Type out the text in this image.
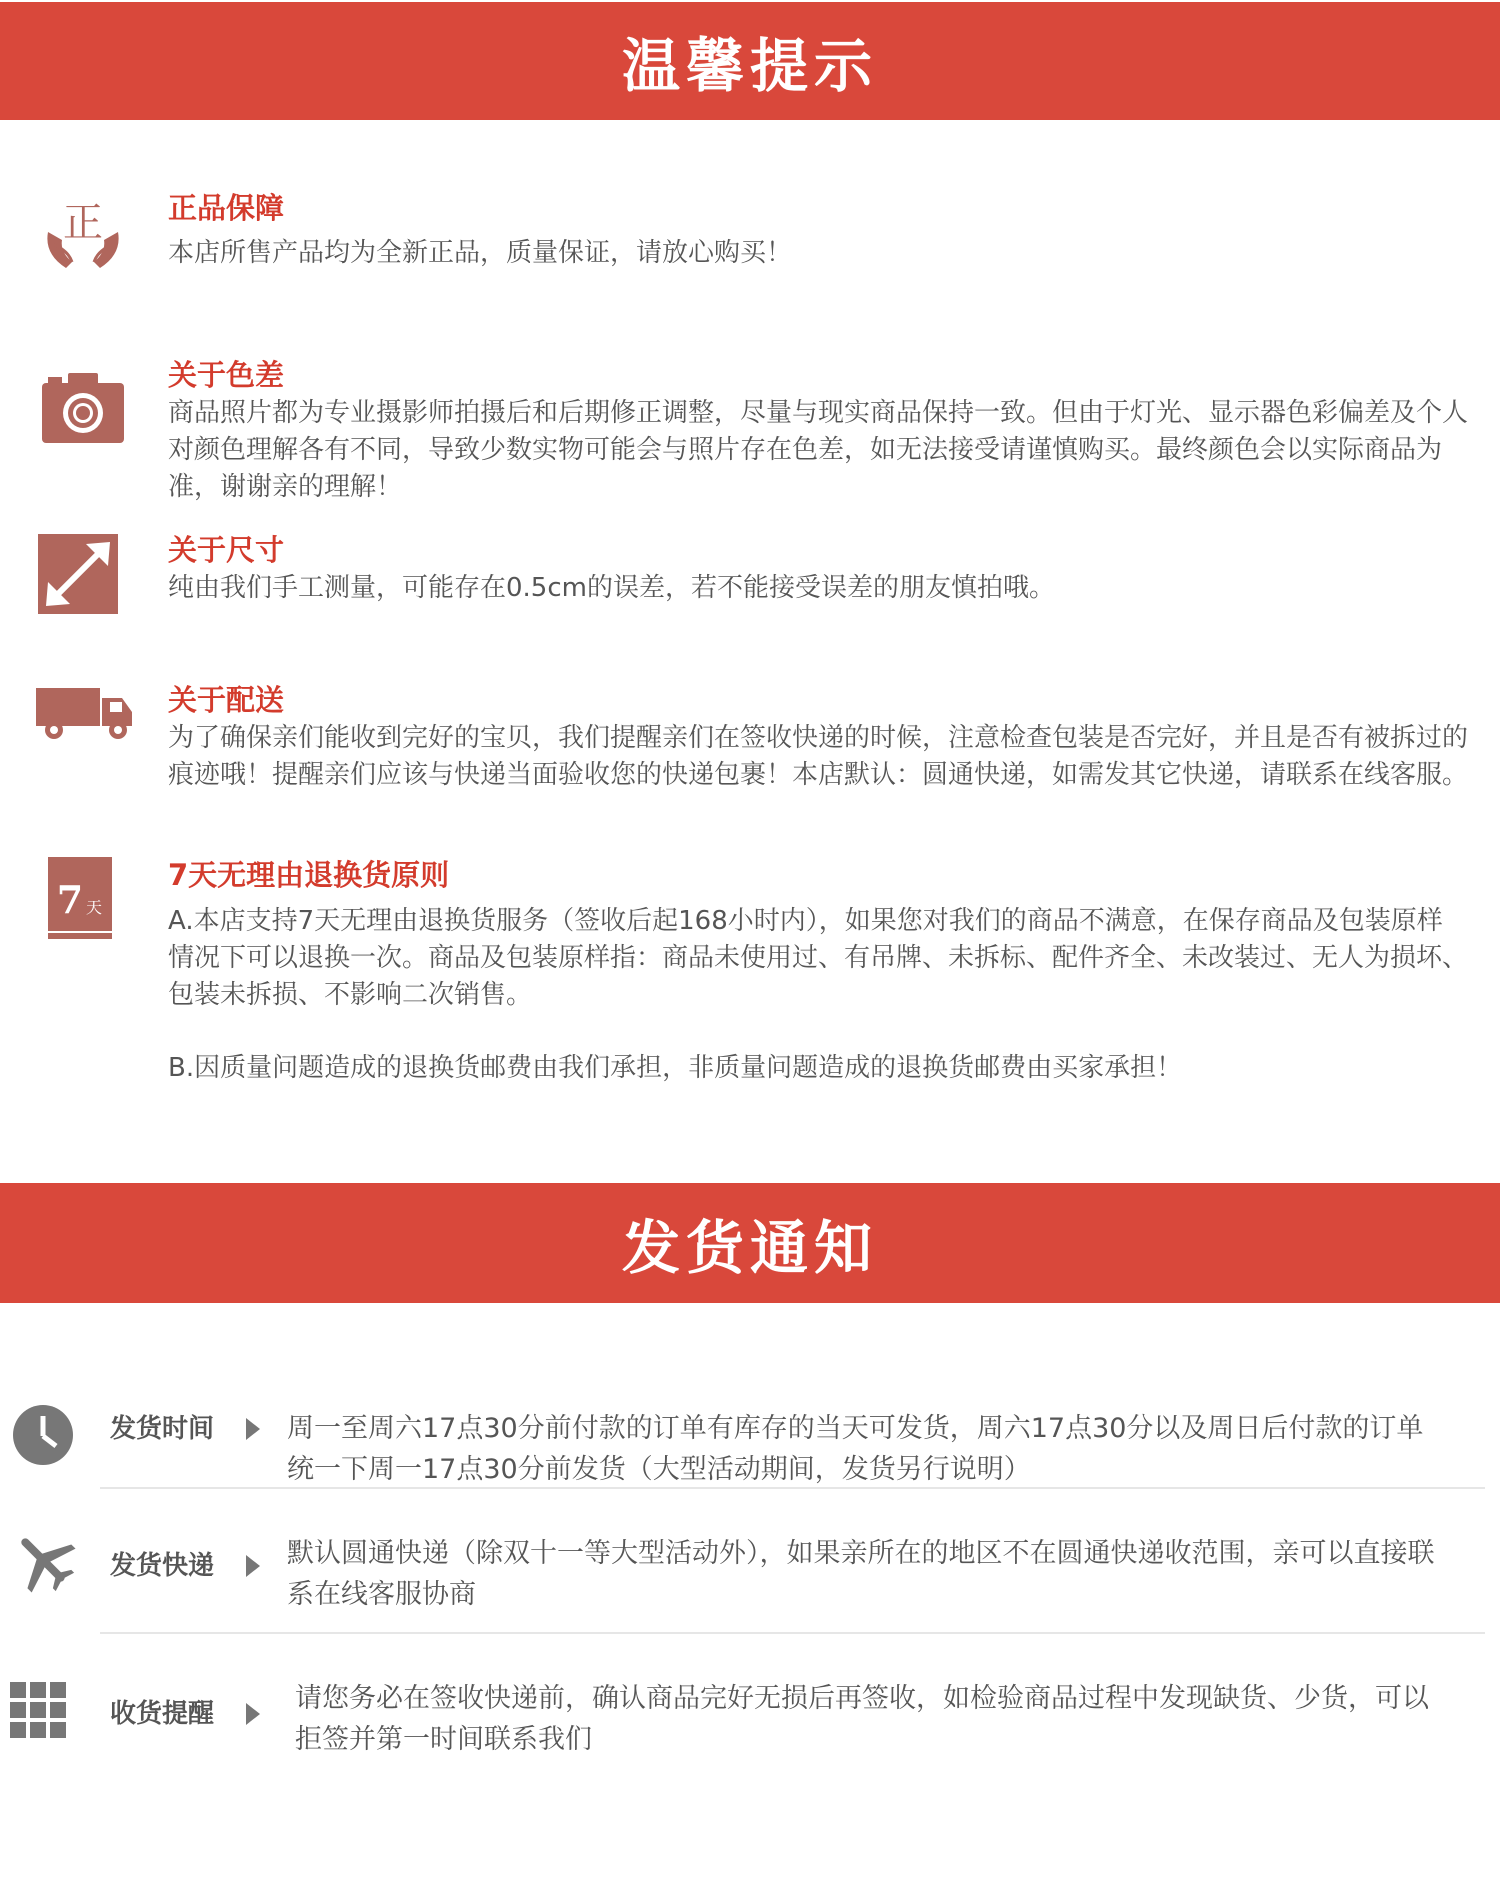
温馨提示
正 正品保障

本店所售产品均为全新正品，质量保证，请放心购买！

关于色差

商品照片都为专业摄影师拍摄后和后期修正调整，尽量与现实商品保持一致。但由于灯光、显示器色彩偏差及个人对颜色理解各有不同，导致少数实物可能会与照片存在色差，如无法接受请谨慎购买。最终颜色会以实际商品为准，谢谢亲的理解！

关于尺寸

纯由我们手工测量，可能存在0.5cm的误差，若不能接受误差的朋友慎拍哦。

关于配送

为了确保亲们能收到完好的宝贝，我们提醒亲们在签收快递的时候，注意检查包装是否完好，并且是否有被拆过的痕迹哦！提醒亲们应该与快递当面验收您的快递包裹！本店默认：圆通快递，如需发其它快递，请联系在线客服。

7 天
7天无理由退换货原则

A.本店支持7天无理由退换货服务（签收后起168小时内），如果您对我们的商品不满意，在保存商品及包装原样情况下可以退换一次。商品及包装原样指：商品未使用过、有吊牌、未拆标、配件齐全、未改装过、无人为损坏、包装未拆损、不影响二次销售。

B.因质量问题造成的退换货邮费由我们承担，非质量问题造成的退换货邮费由买家承担！

发货通知
发货时间	周一至周六17点30分前付款的订单有库存的当天可发货，周六17点30分以及周日后付款的订单统一下周一17点30分前发货（大型活动期间，发货另行说明）
发货快递	默认圆通快递（除双十一等大型活动外），如果亲所在的地区不在圆通快递收范围，亲可以直接联系在线客服协商
收货提醒	请您务必在签收快递前，确认商品完好无损后再签收，如检验商品过程中发现缺货、少货，可以拒签并第一时间联系我们
